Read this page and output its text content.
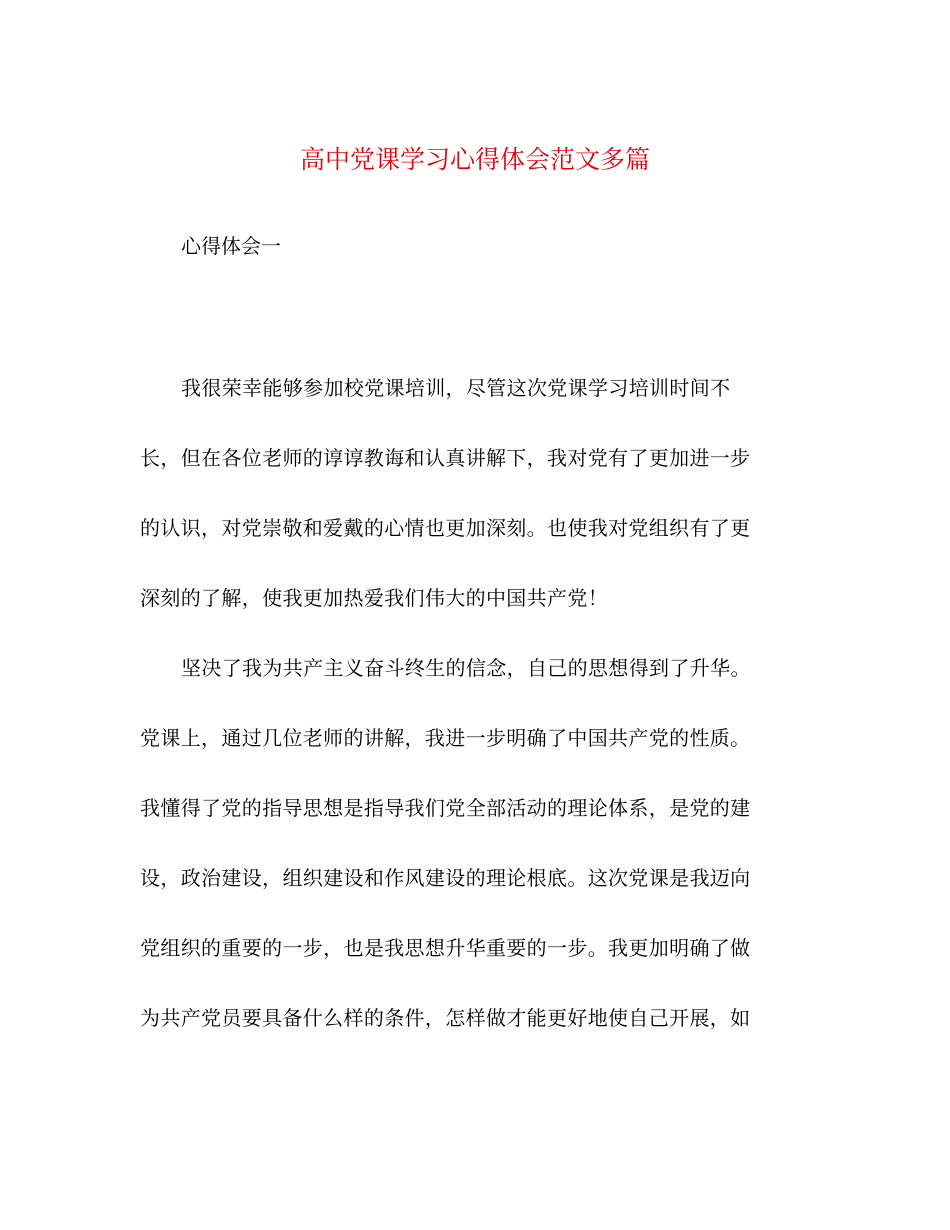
高中党课学习心得体会范文多篇
心得体会一
我很荣幸能够参加校党课培训，尽管这次党课学习培训时间不
长，但在各位老师的谆谆教诲和认真讲解下，我对党有了更加进一步
的认识，对党崇敬和爱戴的心情也更加深刻。也使我对党组织有了更
深刻的了解，使我更加热爱我们伟大的中国共产党！
坚决了我为共产主义奋斗终生的信念，自己的思想得到了升华。
党课上，通过几位老师的讲解，我进一步明确了中国共产党的性质。
我懂得了党的指导思想是指导我们党全部活动的理论体系，是党的建
设，政治建设，组织建设和作风建设的理论根底。这次党课是我迈向
党组织的重要的一步，也是我思想升华重要的一步。我更加明确了做
为共产党员要具备什么样的条件，怎样做才能更好地使自己开展，如
